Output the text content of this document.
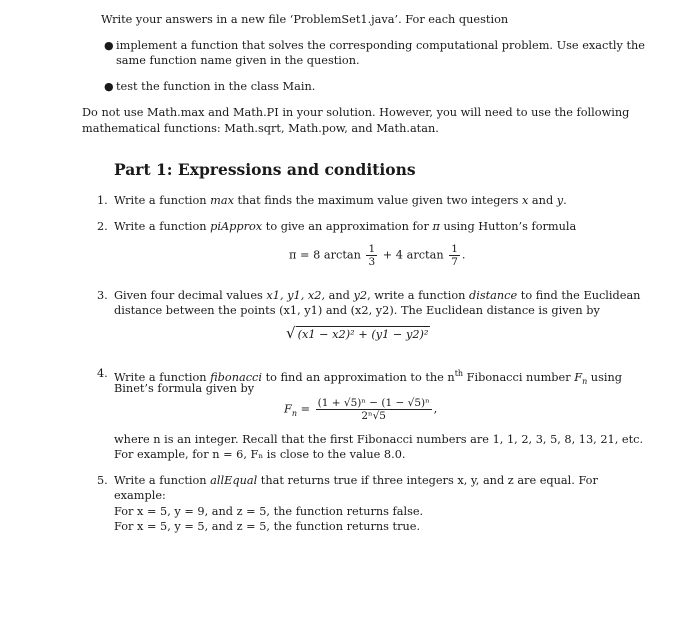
Write your answers in a new file ‘ProblemSet1.java’. For each question
● implement a function that solves the corresponding computational problem. Use exactly the
same function name given in the question.
● test the function in the class Main.
Do not use Math.max and Math.PI in your solution. However, you will need to use the following
mathematical functions: Math.sqrt, Math.pow, and Math.atan.
Part 1: Expressions and conditions
1. Write a function max that finds the maximum value given two integers x and y.
2. Write a function piApprox to give an approximation for π using Hutton’s formula
π = 8 $\arctan \frac{1}{3} + 4$ $\arctan \frac{1}{7}$ .
3. Given four decimal values x1, y1, x2, and y2, write a function distance to find the Euclidean
distance between the points (x1, y1) and (x2, y2). The Euclidean distance is given by
√ (x1 − x2)² + (y1 − y2)²
4. Write a function fibonacci to find an approximation to the $n^{th}$ Fibonacci number $F_n$ using
Binet’s formula given by
$F_n = \frac{\text{(1 + √5)ⁿ − (1 − √5)ⁿ}}{\text{2ⁿ√5}}$ ,
where n is an integer. Recall that the first Fibonacci numbers are 1, 1, 2, 3, 5, 8, 13, 21, etc.
For example, for n = 6, Fₙ is close to the value 8.0.
5. Write a function allEqual that returns true if three integers x, y, and z are equal. For
example:
For x = 5, y = 9, and z = 5, the function returns false.
For x = 5, y = 5, and z = 5, the function returns true.
